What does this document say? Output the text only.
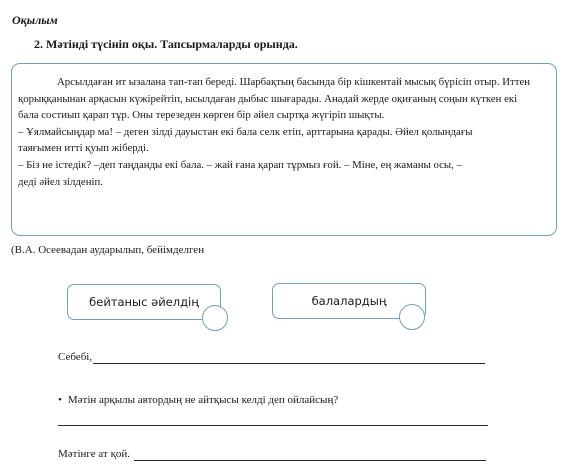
Оқылым
2. Мәтінді түсініп оқы. Тапсырмаларды орында.
Арсылдаған ит ызалана тап-тап береді. Шарбақтың басында бір кішкентай мысық бүрісіп отыр. Иттен
қорыққанынан арқасын күжірейтіп, ысылдаған дыбыс шығарады. Анадай жерде оқиғаның соңын күткен екі
бала состиып қарап тұр. Оны терезеден көрген бір әйел сыртқа жүгіріп шықты.
– Ұялмайсыңдар ма! – деген зілді дауыстан екі бала селк етіп, арттарына қарады. Әйел қолындағы
таяғымен итті қуып жіберді.
– Біз не істедік? –деп таңданды екі бала. – жай ғана қарап тұрмыз ғой. – Міне, ең жаманы осы, –
деді әйел зілденіп.
(В.А. Осеевадан аударылып, бейімделген
бейтаныс әйелдің	балалардың
Себебі,
• Мәтін арқылы автордың не айтқысы келді деп ойлайсың?
Мәтінге ат қой.
